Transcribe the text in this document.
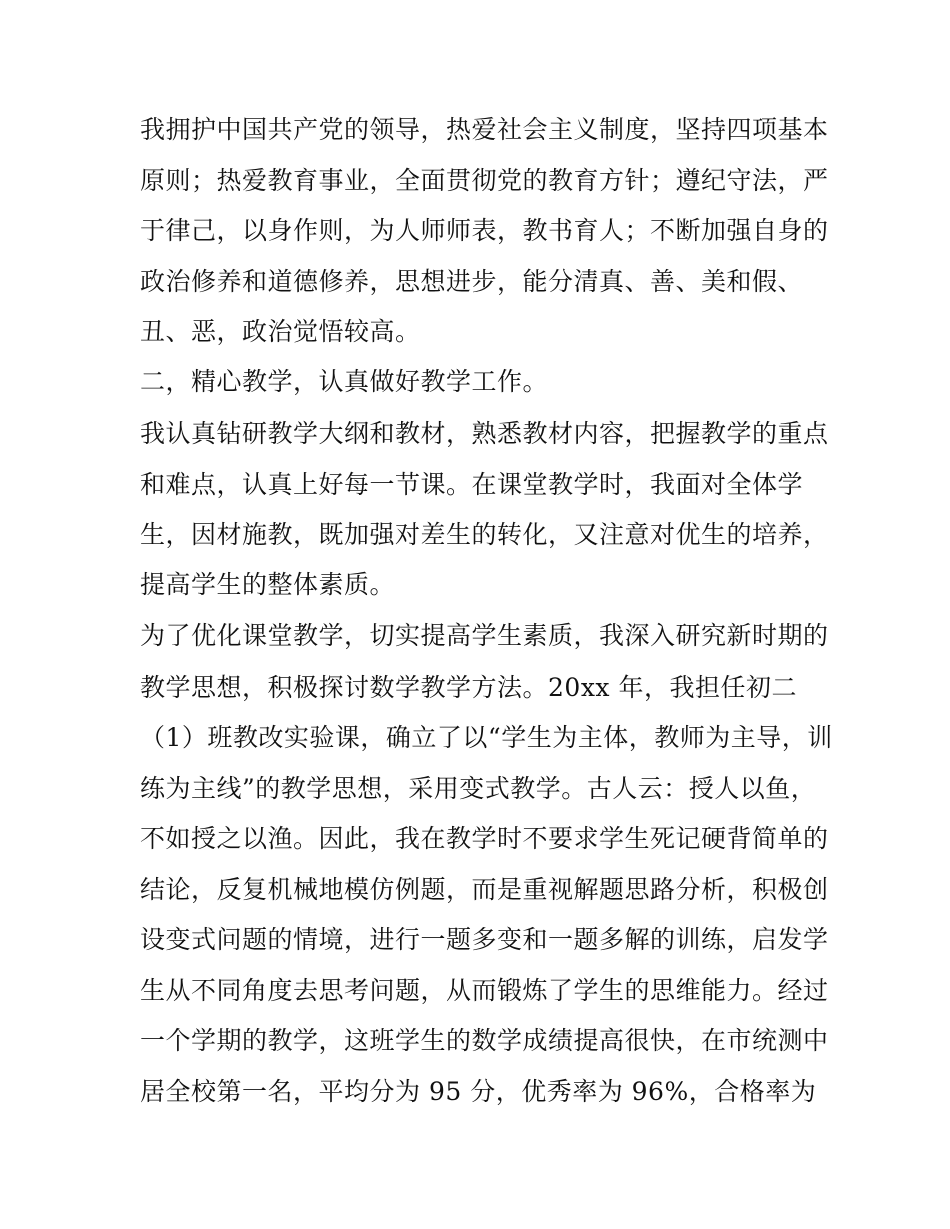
我拥护中国共产党的领导，热爱社会主义制度，坚持四项基本
原则；热爱教育事业，全面贯彻党的教育方针；遵纪守法，严
于律己，以身作则，为人师师表，教书育人；不断加强自身的
政治修养和道德修养，思想进步，能分清真、善、美和假、
丑、恶，政治觉悟较高。
二，精心教学，认真做好教学工作。
我认真钻研教学大纲和教材，熟悉教材内容，把握教学的重点
和难点，认真上好每一节课。在课堂教学时，我面对全体学
生，因材施教，既加强对差生的转化，又注意对优生的培养，
提高学生的整体素质。
为了优化课堂教学，切实提高学生素质，我深入研究新时期的
教学思想，积极探讨数学教学方法。20xx 年，我担任初二
（1）班教改实验课，确立了以“学生为主体，教师为主导，训
练为主线”的教学思想，采用变式教学。古人云：授人以鱼，
不如授之以渔。因此，我在教学时不要求学生死记硬背简单的
结论，反复机械地模仿例题，而是重视解题思路分析，积极创
设变式问题的情境，进行一题多变和一题多解的训练，启发学
生从不同角度去思考问题，从而锻炼了学生的思维能力。经过
一个学期的教学，这班学生的数学成绩提高很快，在市统测中
居全校第一名，平均分为 95 分，优秀率为 96%，合格率为
